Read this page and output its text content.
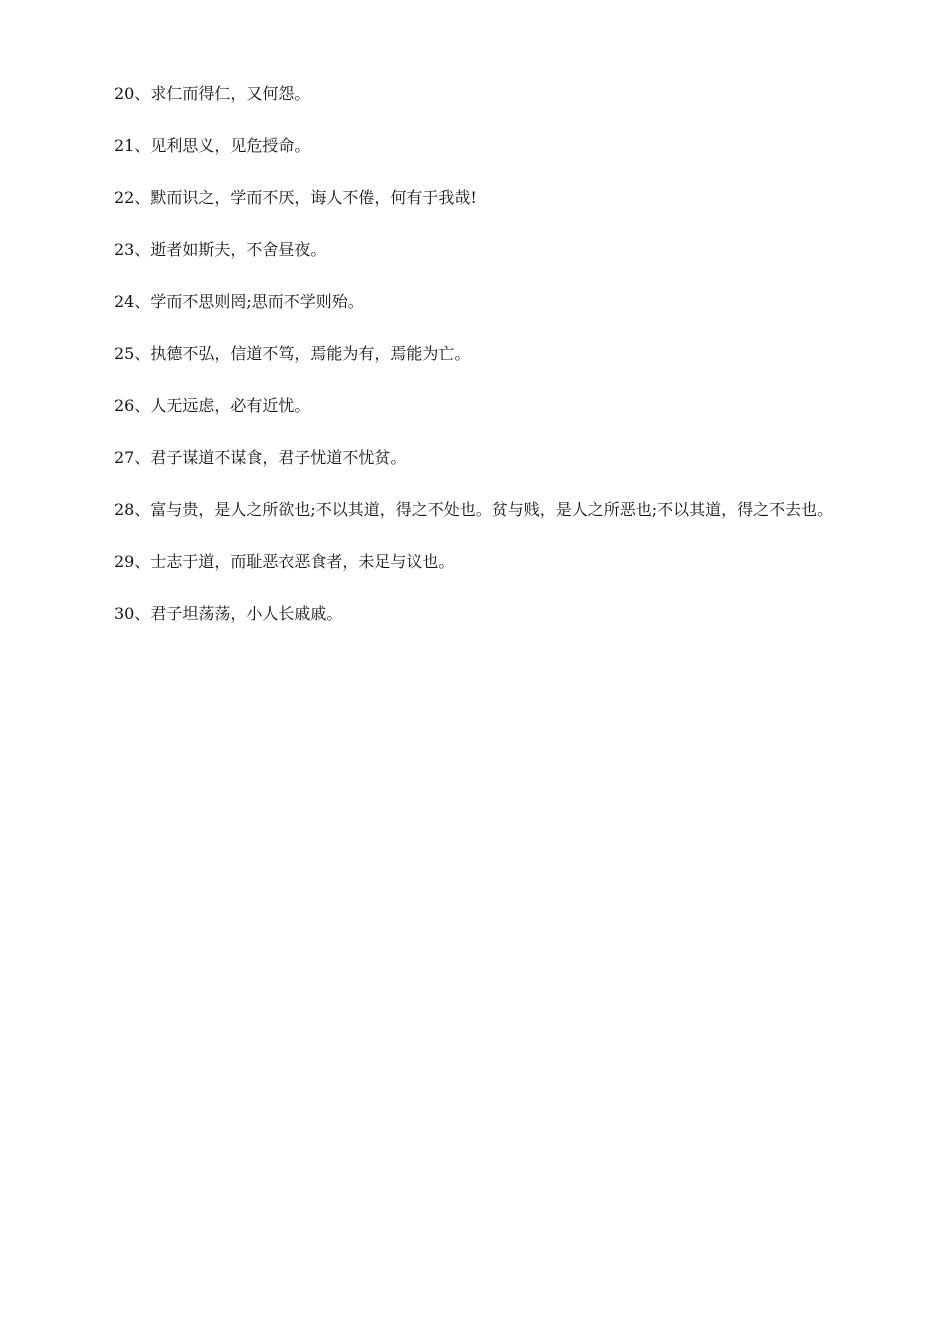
20、求仁而得仁，又何怨。

21、见利思义，见危授命。

22、默而识之，学而不厌，诲人不倦，何有于我哉!

23、逝者如斯夫，不舍昼夜。

24、学而不思则罔;思而不学则殆。

25、执德不弘，信道不笃，焉能为有，焉能为亡。

26、人无远虑，必有近忧。

27、君子谋道不谋食，君子忧道不忧贫。

28、富与贵，是人之所欲也;不以其道，得之不处也。贫与贱，是人之所恶也;不以其道，得之不去也。

29、士志于道，而耻恶衣恶食者，未足与议也。

30、君子坦荡荡，小人长戚戚。
